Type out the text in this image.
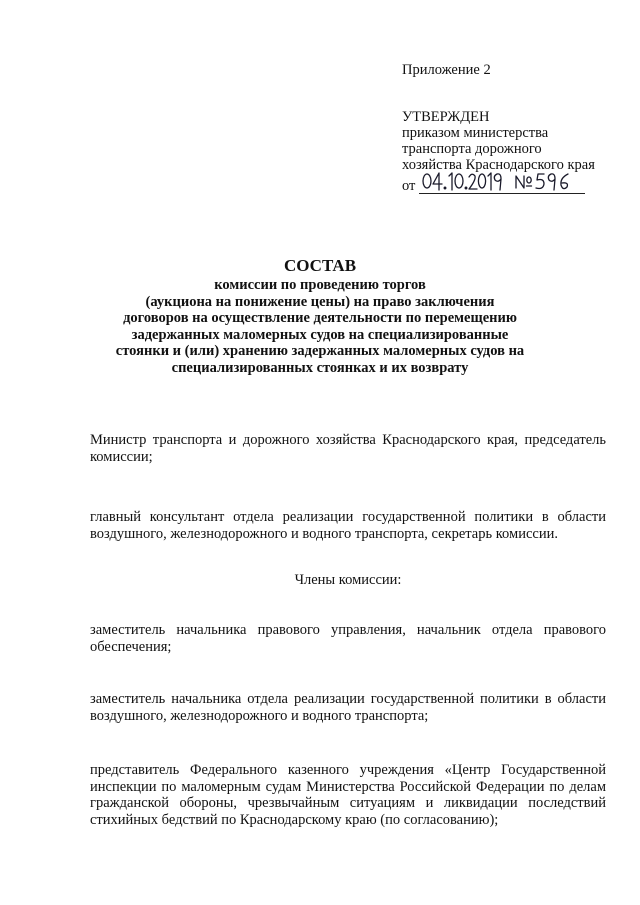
Приложение 2
УТВЕРЖДЕН
приказом министерства
транспорта дорожного
хозяйства Краснодарского края
от
СОСТАВ
комиссии по проведению торгов
(аукциона на понижение цены) на право заключения
договоров на осуществление деятельности по перемещению
задержанных маломерных судов на специализированные
стоянки и (или) хранению задержанных маломерных судов на
специализированных стоянках и их возврату
Министр транспорта и дорожного хозяйства Краснодарского края, председатель комиссии;
главный консультант отдела реализации государственной политики в области воздушного, железнодорожного и водного транспорта, секретарь комиссии.
Члены комиссии:
заместитель начальника правового управления, начальник отдела правового обеспечения;
заместитель начальника отдела реализации государственной политики в области воздушного, железнодорожного и водного транспорта;
представитель Федерального казенного учреждения «Центр Государственной инспекции по маломерным судам Министерства Российской Федерации по делам гражданской обороны, чрезвычайным ситуациям и ликвидации последствий стихийных бедствий по Краснодарскому краю (по согласованию);
